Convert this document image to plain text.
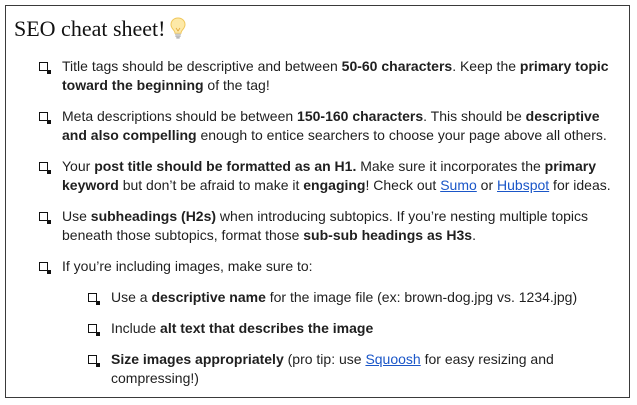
SEO cheat sheet!
Title tags should be descriptive and between 50-60 characters. Keep the primary topic toward the beginning of the tag!
Meta descriptions should be between 150-160 characters. This should be descriptive and also compelling enough to entice searchers to choose your page above all others.
Your post title should be formatted as an H1. Make sure it incorporates the primary keyword but don’t be afraid to make it engaging! Check out Sumo or Hubspot for ideas.
Use subheadings (H2s) when introducing subtopics. If you’re nesting multiple topics beneath those subtopics, format those sub-sub headings as H3s.
If you’re including images, make sure to:
Use a descriptive name for the image file (ex: brown-dog.jpg vs. 1234.jpg)
Include alt text that describes the image
Size images appropriately (pro tip: use Squoosh for easy resizing and compressing!)
